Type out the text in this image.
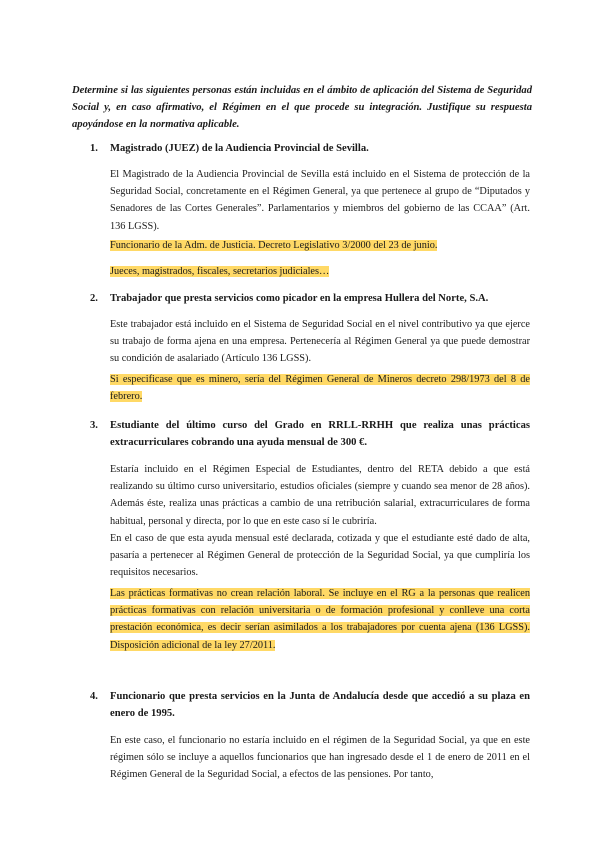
Determine si las siguientes personas están incluidas en el ámbito de aplicación del Sistema de Seguridad Social y, en caso afirmativo, el Régimen en el que procede su integración. Justifique su respuesta apoyándose en la normativa aplicable.
1.	Magistrado (JUEZ) de la Audiencia Provincial de Sevilla.
El Magistrado de la Audiencia Provincial de Sevilla está incluido en el Sistema de protección de la Seguridad Social, concretamente en el Régimen General, ya que pertenece al grupo de “Diputados y Senadores de las Cortes Generales”. Parlamentarios y miembros del gobierno de las CCAA” (Art. 136 LGSS).
Funcionario de la Adm. de Justicia. Decreto Legislativo 3/2000 del 23 de junio.
Jueces, magistrados, fiscales, secretarios judiciales…
2.	Trabajador que presta servicios como picador en la empresa Hullera del Norte, S.A.
Este trabajador está incluido en el Sistema de Seguridad Social en el nivel contributivo ya que ejerce su trabajo de forma ajena en una empresa. Pertenecería al Régimen General ya que puede demostrar su condición de asalariado (Artículo 136 LGSS).
Si especificase que es minero, sería del Régimen General de Mineros decreto 298/1973 del 8 de febrero.
3.	Estudiante del último curso del Grado en RRLL-RRHH que realiza unas prácticas extracurriculares cobrando una ayuda mensual de 300 €.
Estaría incluido en el Régimen Especial de Estudiantes, dentro del RETA debido a que está realizando su último curso universitario, estudios oficiales (siempre y cuando sea menor de 28 años). Además éste, realiza unas prácticas a cambio de una retribución salarial, extracurriculares de forma habitual, personal y directa, por lo que en este caso sí le cubriría.
En el caso de que esta ayuda mensual esté declarada, cotizada y que el estudiante esté dado de alta, pasaría a pertenecer al Régimen General de protección de la Seguridad Social, ya que cumpliría los requisitos necesarios.
Las prácticas formativas no crean relación laboral. Se incluye en el RG a la personas que realicen prácticas formativas con relación universitaria o de formación profesional y conlleve una corta prestación económica, es decir serían asimilados a los trabajadores por cuenta ajena (136 LGSS). Disposición adicional de la ley 27/2011.
4.	Funcionario que presta servicios en la Junta de Andalucía desde que accedió a su plaza en enero de 1995.
En este caso, el funcionario no estaría incluido en el régimen de la Seguridad Social, ya que en este régimen sólo se incluye a aquellos funcionarios que han ingresado desde el 1 de enero de 2011 en el Régimen General de la Seguridad Social, a efectos de las pensiones. Por tanto,
